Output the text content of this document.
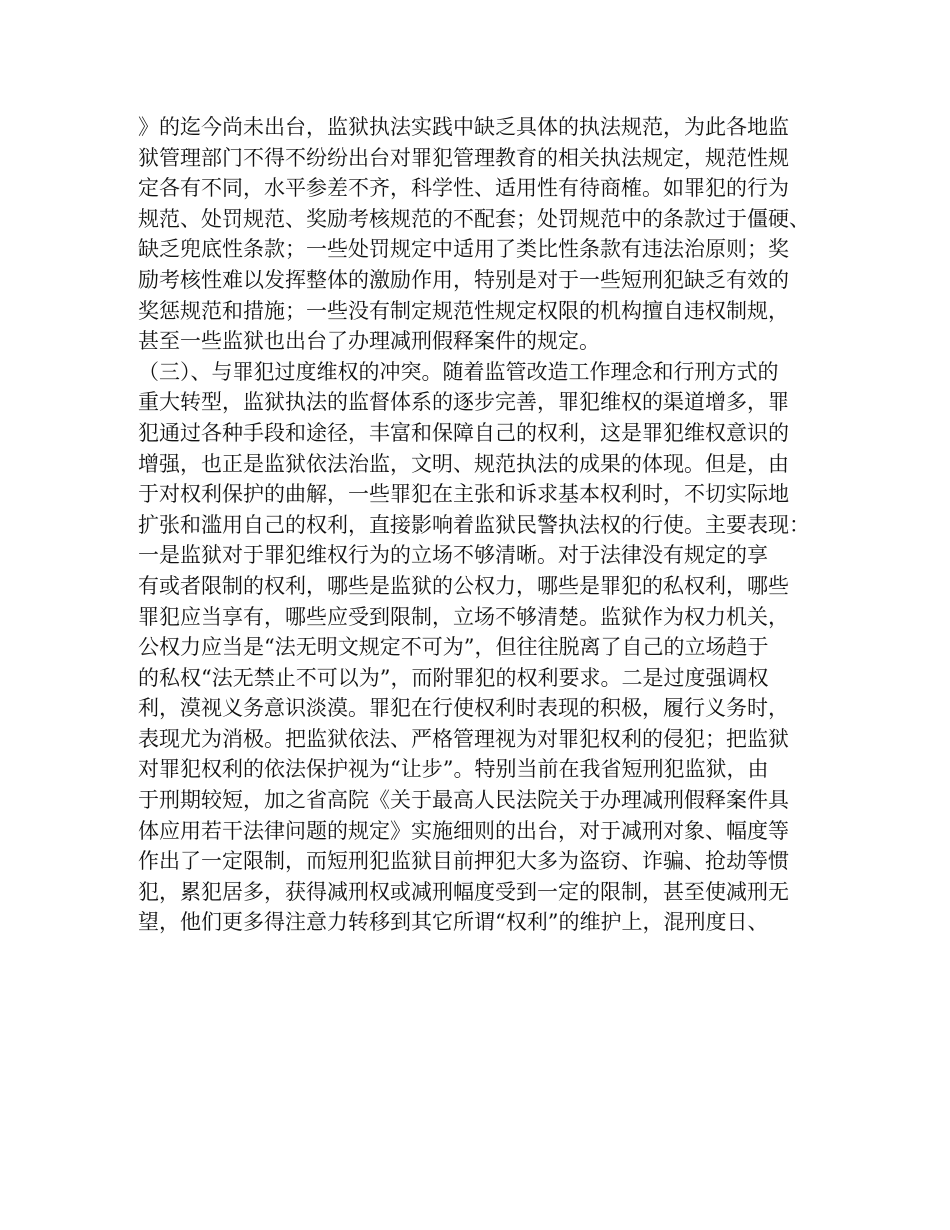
》的迄今尚未出台，监狱执法实践中缺乏具体的执法规范，为此各地监
狱管理部门不得不纷纷出台对罪犯管理教育的相关执法规定，规范性规
定各有不同，水平参差不齐，科学性、适用性有待商榷。如罪犯的行为
规范、处罚规范、奖励考核规范的不配套；处罚规范中的条款过于僵硬、
缺乏兜底性条款；一些处罚规定中适用了类比性条款有违法治原则；奖
励考核性难以发挥整体的激励作用，特别是对于一些短刑犯缺乏有效的
奖惩规范和措施；一些没有制定规范性规定权限的机构擅自违权制规，
甚至一些监狱也出台了办理减刑假释案件的规定。
（三）、与罪犯过度维权的冲突。随着监管改造工作理念和行刑方式的
重大转型，监狱执法的监督体系的逐步完善，罪犯维权的渠道增多，罪
犯通过各种手段和途径，丰富和保障自己的权利，这是罪犯维权意识的
增强，也正是监狱依法治监，文明、规范执法的成果的体现。但是，由
于对权利保护的曲解，一些罪犯在主张和诉求基本权利时，不切实际地
扩张和滥用自己的权利，直接影响着监狱民警执法权的行使。主要表现：
一是监狱对于罪犯维权行为的立场不够清晰。对于法律没有规定的享
有或者限制的权利，哪些是监狱的公权力，哪些是罪犯的私权利，哪些
罪犯应当享有，哪些应受到限制，立场不够清楚。监狱作为权力机关，
公权力应当是“法无明文规定不可为”，但往往脱离了自己的立场趋于
的私权“法无禁止不可以为”，而附罪犯的权利要求。二是过度强调权
利，漠视义务意识淡漠。罪犯在行使权利时表现的积极，履行义务时，
表现尤为消极。把监狱依法、严格管理视为对罪犯权利的侵犯；把监狱
对罪犯权利的依法保护视为“让步”。特别当前在我省短刑犯监狱，由
于刑期较短，加之省高院《关于最高人民法院关于办理减刑假释案件具
体应用若干法律问题的规定》实施细则的出台，对于减刑对象、幅度等
作出了一定限制，而短刑犯监狱目前押犯大多为盗窃、诈骗、抢劫等惯
犯，累犯居多，获得减刑权或减刑幅度受到一定的限制，甚至使减刑无
望，他们更多得注意力转移到其它所谓“权利”的维护上，混刑度日、
